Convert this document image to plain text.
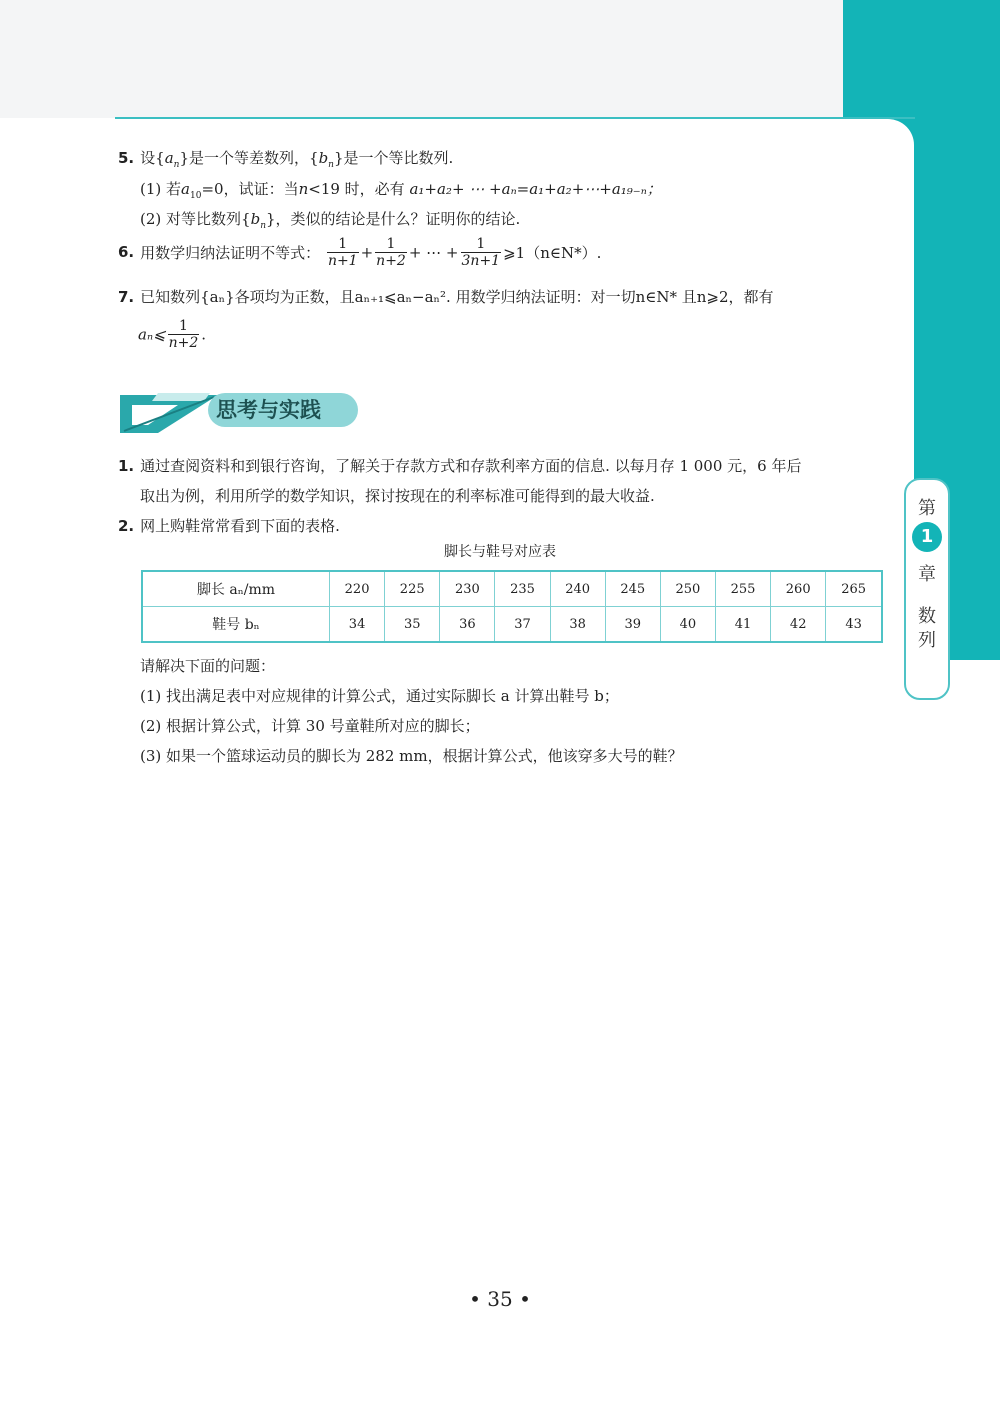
5. 设$\{a_n\}$是一个等差数列，$\{b_n\}$是一个等比数列.
(1) 若$a_{10}=0$，试证：当n<19 时，必有 a₁+a₂+ ⋯ +aₙ=a₁+a₂+⋯+a₁₉₋ₙ；
(2) 对等比数列$\{b_n\}$，类似的结论是什么？证明你的结论.
6. 用数学归纳法证明不等式： $\frac{1}{n+1} + \frac{1}{n+2}$ + ⋯ + $\frac{1}{3n+1}$ ⩾1（n∈N*）.
7. 已知数列{aₙ}各项均为正数，且aₙ₊₁⩽aₙ−aₙ². 用数学归纳法证明：对一切n∈N* 且n⩾2，都有
aₙ⩽ $\frac{1}{n+2}$ .
思考与实践
1. 通过查阅资料和到银行咨询，了解关于存款方式和存款利率方面的信息. 以每月存 1 000 元，6 年后
取出为例，利用所学的数学知识，探讨按现在的利率标准可能得到的最大收益.
2. 网上购鞋常常看到下面的表格.
脚长与鞋号对应表
脚长 aₙ/mm	220	225	230	235	240	245	250	255	260	265
鞋号 bₙ	34	35	36	37	38	39	40	41	42	43
请解决下面的问题：
(1) 找出满足表中对应规律的计算公式，通过实际脚长 a 计算出鞋号 b；
(2) 根据计算公式，计算 30 号童鞋所对应的脚长；
(3) 如果一个篮球运动员的脚长为 282 mm，根据计算公式，他该穿多大号的鞋？
第
1
章
数
列
• 35 •
